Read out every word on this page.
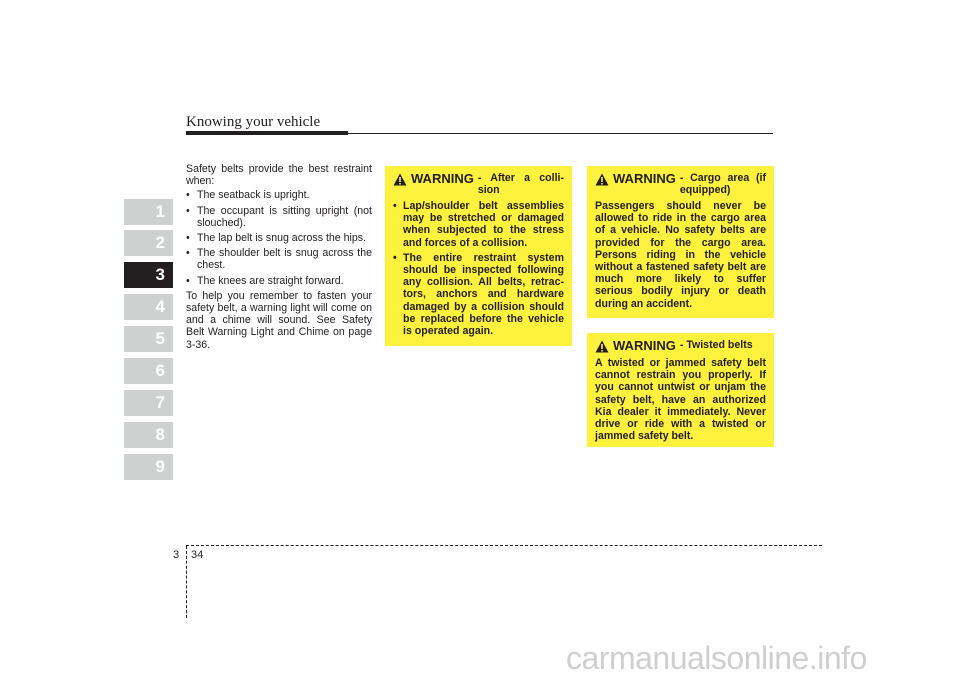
Knowing your vehicle
1
2
3
4
5
6
7
8
9

Safety belts provide the best restraint when:

• The seatback is upright.
• The occupant is sitting upright (not slouched).
• The lap belt is snug across the hips.
• The shoulder belt is snug across the chest.
• The knees are straight forward.

To help you remember to fasten your safety belt, a warning light will come on and a chime will sound. See Safety Belt Warning Light and Chime on page 3-36.

WARNING - After a colli- sion
• Lap/shoulder belt assemblies may be stretched or damaged when subjected to the stress and forces of a collision.
• The entire restraint system should be inspected following any collision. All belts, retrac- tors, anchors and hardware damaged by a collision should be replaced before the vehicle is operated again.
WARNING - Cargo area (if equipped)

Passengers should never be allowed to ride in the cargo area of a vehicle. No safety belts are provided for the cargo area. Persons riding in the vehicle without a fastened safety belt are much more likely to suffer serious bodily injury or death during an accident.

WARNING - Twisted belts

A twisted or jammed safety belt cannot restrain you properly. If you cannot untwist or unjam the safety belt, have an authorized Kia dealer it immediately. Never drive or ride with a twisted or jammed safety belt.

3 34
carmanualsonline.info
